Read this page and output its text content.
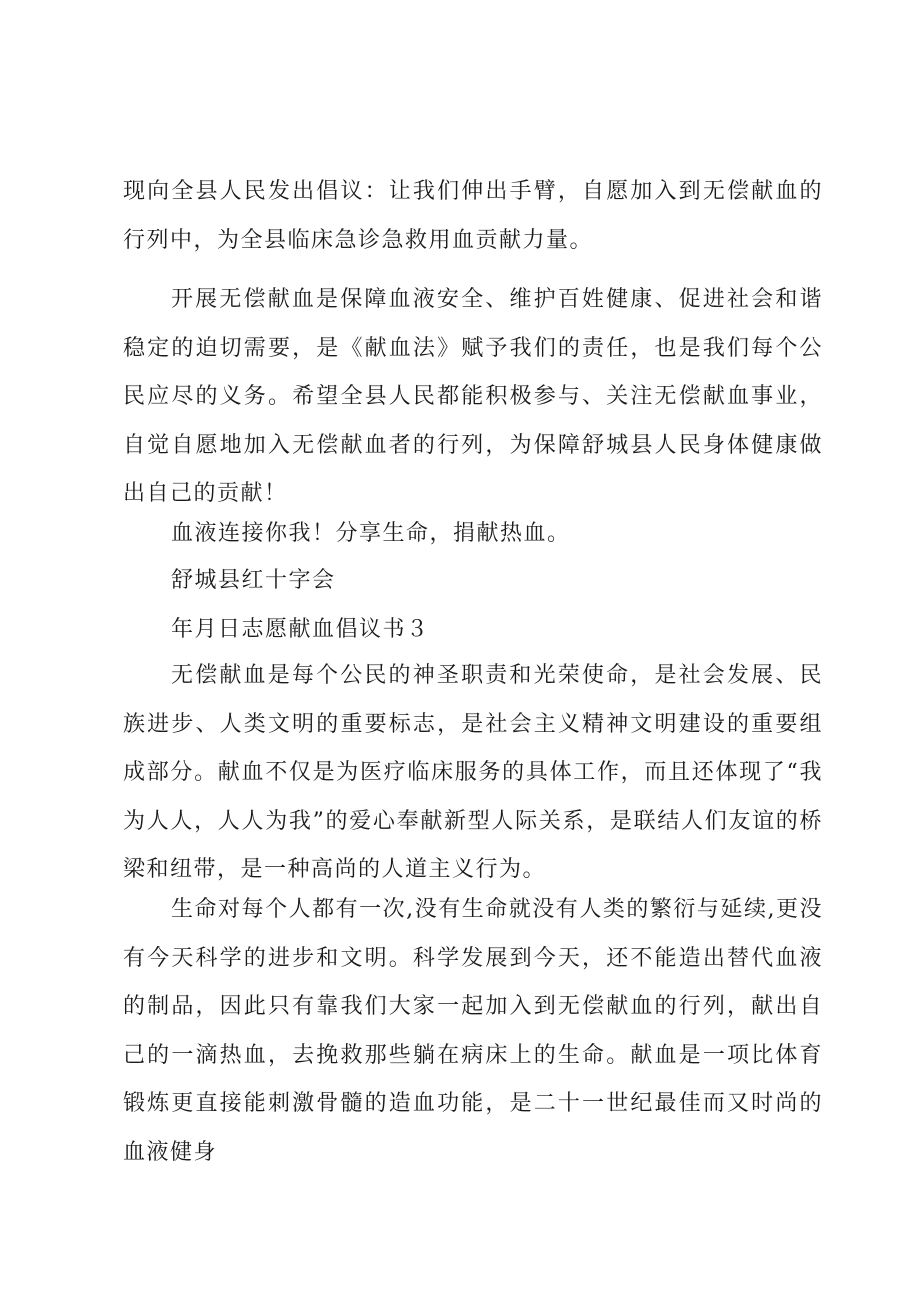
现向全县人民发出倡议：让我们伸出手臂，自愿加入到无偿献血的行列中，为全县临床急诊急救用血贡献力量。

开展无偿献血是保障血液安全、维护百姓健康、促进社会和谐稳定的迫切需要，是《献血法》赋予我们的责任，也是我们每个公民应尽的义务。希望全县人民都能积极参与、关注无偿献血事业，自觉自愿地加入无偿献血者的行列，为保障舒城县人民身体健康做出自己的贡献！

血液连接你我！分享生命，捐献热血。

舒城县红十字会

年月日志愿献血倡议书３

无偿献血是每个公民的神圣职责和光荣使命，是社会发展、民族进步、人类文明的重要标志，是社会主义精神文明建设的重要组成部分。献血不仅是为医疗临床服务的具体工作，而且还体现了“我为人人，人人为我”的爱心奉献新型人际关系，是联结人们友谊的桥梁和纽带，是一种高尚的人道主义行为。

生命对每个人都有一次,没有生命就没有人类的繁衍与延续,更没有今天科学的进步和文明。科学发展到今天，还不能造出替代血液的制品，因此只有靠我们大家一起加入到无偿献血的行列，献出自己的一滴热血，去挽救那些躺在病床上的生命。献血是一项比体育锻炼更直接能刺激骨髓的造血功能，是二十一世纪最佳而又时尚的血液健身
